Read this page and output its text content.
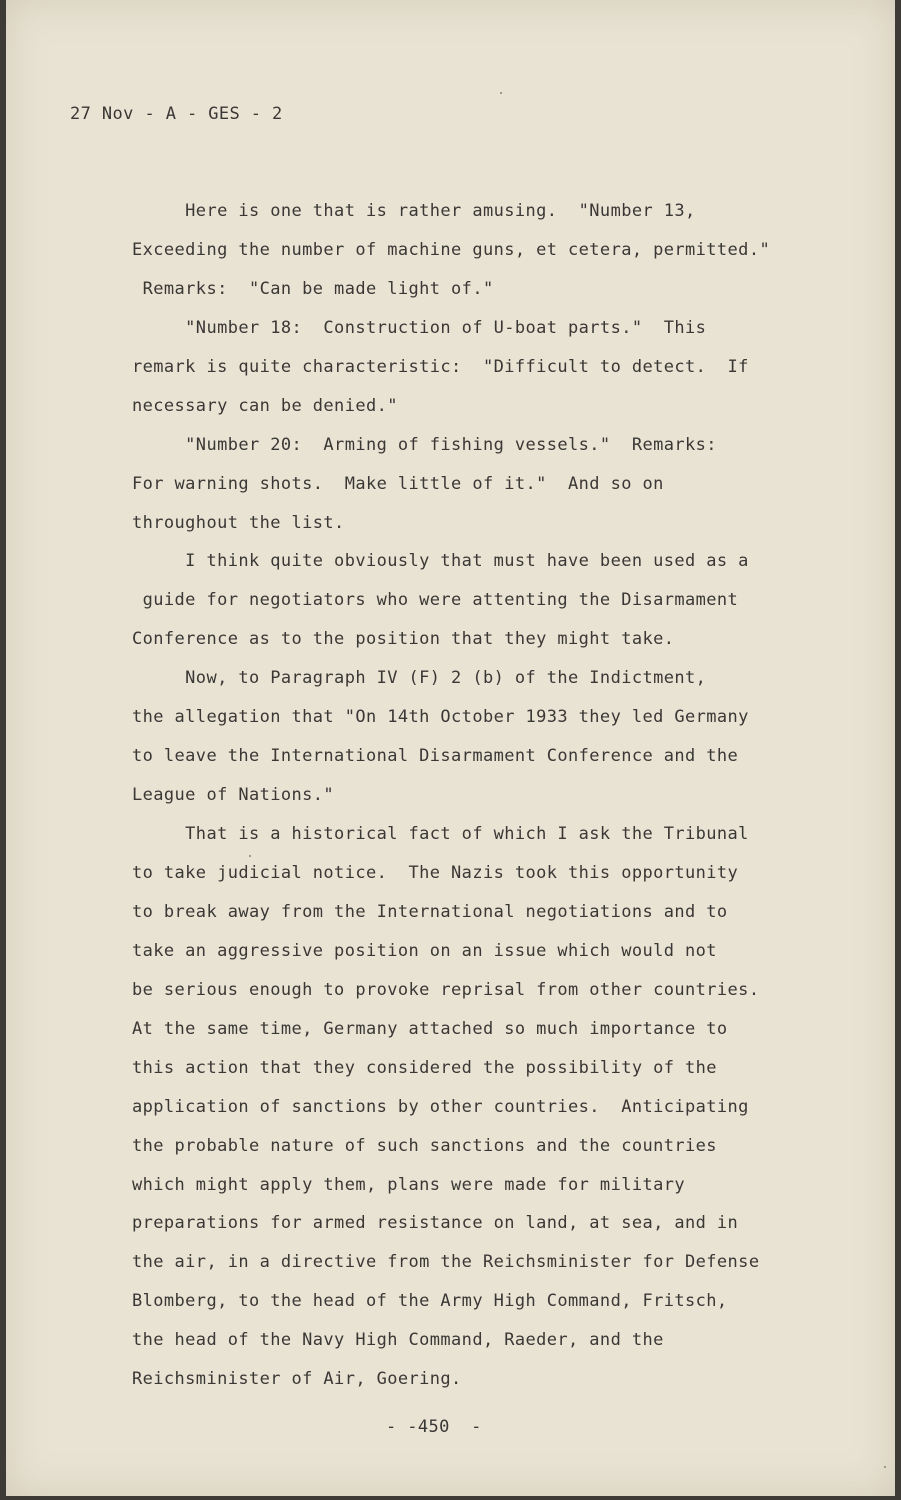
27 Nov - A - GES - 2
Here is one that is rather amusing.  "Number 13,
Exceeding the number of machine guns, et cetera, permitted."
Remarks:  "Can be made light of."
"Number 18:  Construction of U-boat parts."  This
remark is quite characteristic:  "Difficult to detect.  If
necessary can be denied."
"Number 20:  Arming of fishing vessels."  Remarks:
For warning shots.  Make little of it."  And so on
throughout the list.
I think quite obviously that must have been used as a
guide for negotiators who were attenting the Disarmament
Conference as to the position that they might take.
Now, to Paragraph IV (F) 2 (b) of the Indictment,
the allegation that "On 14th October 1933 they led Germany
to leave the International Disarmament Conference and the
League of Nations."
That is a historical fact of which I ask the Tribunal
to take judicial notice.  The Nazis took this opportunity
to break away from the International negotiations and to
take an aggressive position on an issue which would not
be serious enough to provoke reprisal from other countries.
At the same time, Germany attached so much importance to
this action that they considered the possibility of the
application of sanctions by other countries.  Anticipating
the probable nature of such sanctions and the countries
which might apply them, plans were made for military
preparations for armed resistance on land, at sea, and in
the air, in a directive from the Reichsminister for Defense
Blomberg, to the head of the Army High Command, Fritsch,
the head of the Navy High Command, Raeder, and the
Reichsminister of Air, Goering.
- -450  -
